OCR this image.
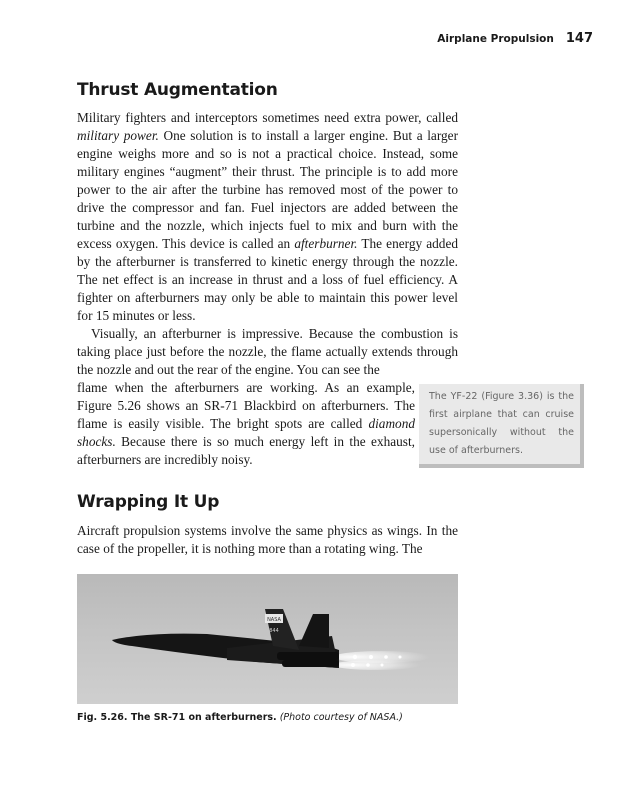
Airplane Propulsion 147
Thrust Augmentation

Military fighters and interceptors sometimes need extra power, called military power. One solution is to install a larger engine. But a larger engine weighs more and so is not a practical choice. Instead, some military engines “augment” their thrust. The principle is to add more power to the air after the turbine has removed most of the power to drive the compressor and fan. Fuel injectors are added between the turbine and the nozzle, which injects fuel to mix and burn with the excess oxygen. This device is called an afterburner. The energy added by the afterburner is transferred to kinetic energy through the nozzle. The net effect is an increase in thrust and a loss of fuel efficiency. A fighter on afterburners may only be able to maintain this power level for 15 minutes or less.

Visually, an afterburner is impressive. Because the combustion is taking place just before the nozzle, the flame actually extends through the nozzle and out the rear of the engine. You can see the

flame when the afterburners are working. As an example, Figure 5.26 shows an SR-71 Blackbird on afterburners. The flame is easily visible. The bright spots are called diamond shocks. Because there is so much energy left in the exhaust, afterburners are incredibly noisy.

The YF-22 (Figure 3.36) is the first airplane that can cruise supersonically without the use of afterburners.

Wrapping It Up

Aircraft propulsion systems involve the same physics as wings. In the case of the propeller, it is nothing more than a rotating wing. The

NASA
844
Fig. 5.26. The SR-71 on afterburners. (Photo courtesy of NASA.)
